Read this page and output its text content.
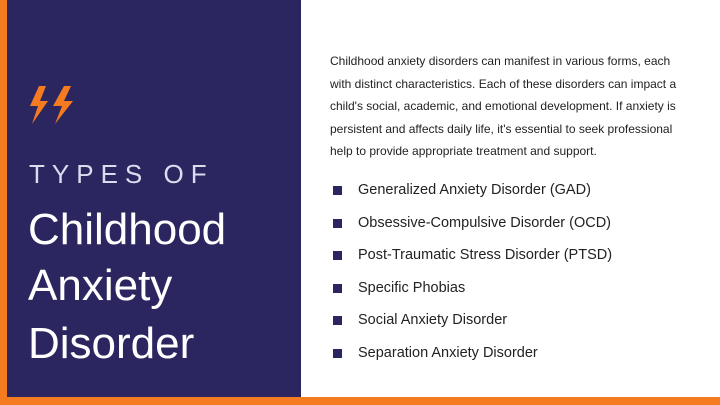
TYPES OF
Childhood
Anxiety
Disorder
Childhood anxiety disorders can manifest in various forms, each with distinct characteristics. Each of these disorders can impact a child's social, academic, and emotional development. If anxiety is persistent and affects daily life, it's essential to seek professional help to provide appropriate treatment and support.
Generalized Anxiety Disorder (GAD)
Obsessive-Compulsive Disorder (OCD)
Post-Traumatic Stress Disorder (PTSD)
Specific Phobias
Social Anxiety Disorder
Separation Anxiety Disorder
